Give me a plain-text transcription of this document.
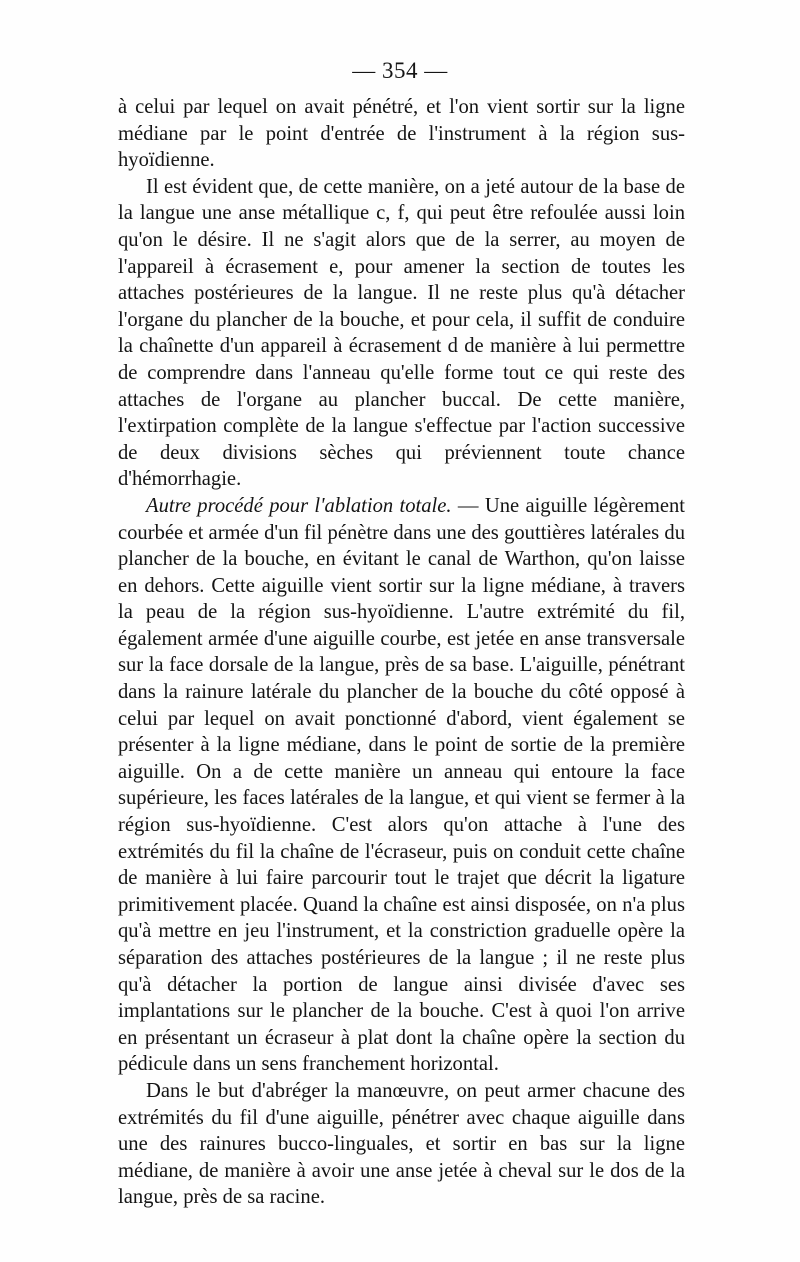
— 354 —

à celui par lequel on avait pénétré, et l'on vient sortir sur la ligne médiane par le point d'entrée de l'instrument à la région sus-hyoïdienne.

Il est évident que, de cette manière, on a jeté autour de la base de la langue une anse métallique c, f, qui peut être refoulée aussi loin qu'on le désire. Il ne s'agit alors que de la serrer, au moyen de l'appareil à écrasement e, pour amener la section de toutes les attaches postérieures de la langue. Il ne reste plus qu'à détacher l'organe du plancher de la bouche, et pour cela, il suffit de conduire la chaînette d'un appareil à écrasement d de manière à lui permettre de comprendre dans l'anneau qu'elle forme tout ce qui reste des attaches de l'organe au plancher buccal. De cette manière, l'extirpation complète de la langue s'effectue par l'action successive de deux divisions sèches qui préviennent toute chance d'hémorrhagie.

Autre procédé pour l'ablation totale. — Une aiguille légèrement courbée et armée d'un fil pénètre dans une des gouttières latérales du plancher de la bouche, en évitant le canal de Warthon, qu'on laisse en dehors. Cette aiguille vient sortir sur la ligne médiane, à travers la peau de la région sus-hyoïdienne. L'autre extrémité du fil, également armée d'une aiguille courbe, est jetée en anse transversale sur la face dorsale de la langue, près de sa base. L'aiguille, pénétrant dans la rainure latérale du plancher de la bouche du côté opposé à celui par lequel on avait ponctionné d'abord, vient également se présenter à la ligne médiane, dans le point de sortie de la première aiguille. On a de cette manière un anneau qui entoure la face supérieure, les faces latérales de la langue, et qui vient se fermer à la région sus-hyoïdienne. C'est alors qu'on attache à l'une des extrémités du fil la chaîne de l'écraseur, puis on conduit cette chaîne de manière à lui faire parcourir tout le trajet que décrit la ligature primitivement placée. Quand la chaîne est ainsi disposée, on n'a plus qu'à mettre en jeu l'instrument, et la constriction graduelle opère la séparation des attaches postérieures de la langue ; il ne reste plus qu'à détacher la portion de langue ainsi divisée d'avec ses implantations sur le plancher de la bouche. C'est à quoi l'on arrive en présentant un écraseur à plat dont la chaîne opère la section du pédicule dans un sens franchement horizontal.

Dans le but d'abréger la manœuvre, on peut armer chacune des extrémités du fil d'une aiguille, pénétrer avec chaque aiguille dans une des rainures bucco-linguales, et sortir en bas sur la ligne médiane, de manière à avoir une anse jetée à cheval sur le dos de la langue, près de sa racine.
